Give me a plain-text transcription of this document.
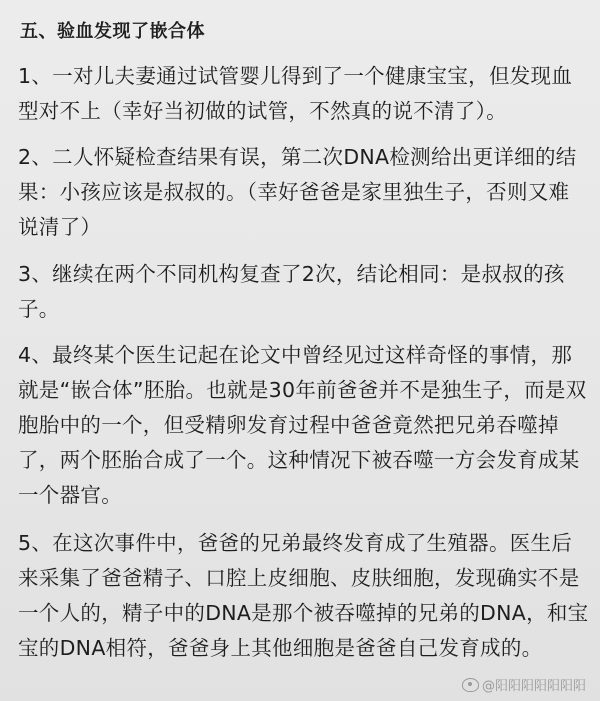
五、验血发现了嵌合体
1、一对儿夫妻通过试管婴儿得到了一个健康宝宝，但发现血
型对不上（幸好当初做的试管，不然真的说不清了）。
2、二人怀疑检查结果有误，第二次DNA检测给出更详细的结
果：小孩应该是叔叔的。（幸好爸爸是家里独生子，否则又难
说清了）
3、继续在两个不同机构复查了2次，结论相同：是叔叔的孩
子。
4、最终某个医生记起在论文中曾经见过这样奇怪的事情，那
就是“嵌合体”胚胎。也就是30年前爸爸并不是独生子，而是双
胞胎中的一个，但受精卵发育过程中爸爸竟然把兄弟吞噬掉
了，两个胚胎合成了一个。这种情况下被吞噬一方会发育成某
一个器官。
5、在这次事件中，爸爸的兄弟最终发育成了生殖器。医生后
来采集了爸爸精子、口腔上皮细胞、皮肤细胞，发现确实不是
一个人的，精子中的DNA是那个被吞噬掉的兄弟的DNA，和宝
宝的DNA相符，爸爸身上其他细胞是爸爸自己发育成的。
@阳阳阳阳阳阳阳
